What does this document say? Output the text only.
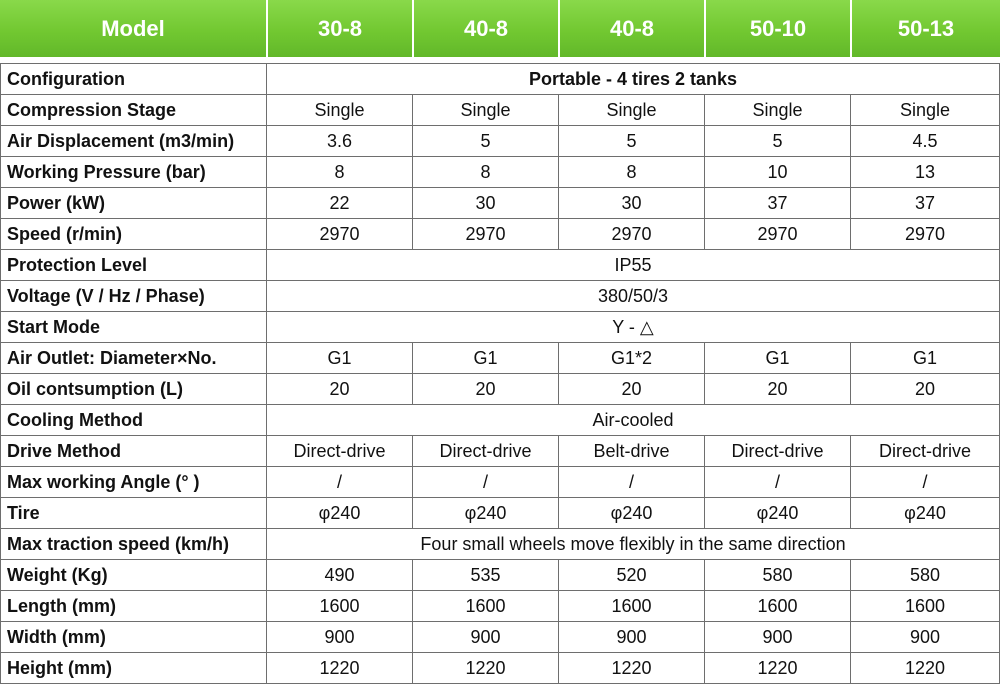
Model	30-8	40-8	40-8	50-10	50-13
Configuration	Portable - 4 tires 2 tanks				
Compression Stage	Single	Single	Single	Single	Single
Air Displacement (m3/min)	3.6	5	5	5	4.5
Working Pressure (bar)	8	8	8	10	13
Power (kW)	22	30	30	37	37
Speed (r/min)	2970	2970	2970	2970	2970
Protection Level	IP55				
Voltage (V / Hz / Phase)	380/50/3				
Start Mode	Y - △				
Air Outlet: Diameter×No.	G1	G1	G1*2	G1	G1
Oil contsumption (L)	20	20	20	20	20
Cooling Method	Air-cooled				
Drive Method	Direct-drive	Direct-drive	Belt-drive	Direct-drive	Direct-drive
Max working Angle (° )	/	/	/	/	/
Tire	φ240	φ240	φ240	φ240	φ240
Max traction speed (km/h)	Four small wheels move flexibly in the same direction				
Weight (Kg)	490	535	520	580	580
Length (mm)	1600	1600	1600	1600	1600
Width (mm)	900	900	900	900	900
Height (mm)	1220	1220	1220	1220	1220
